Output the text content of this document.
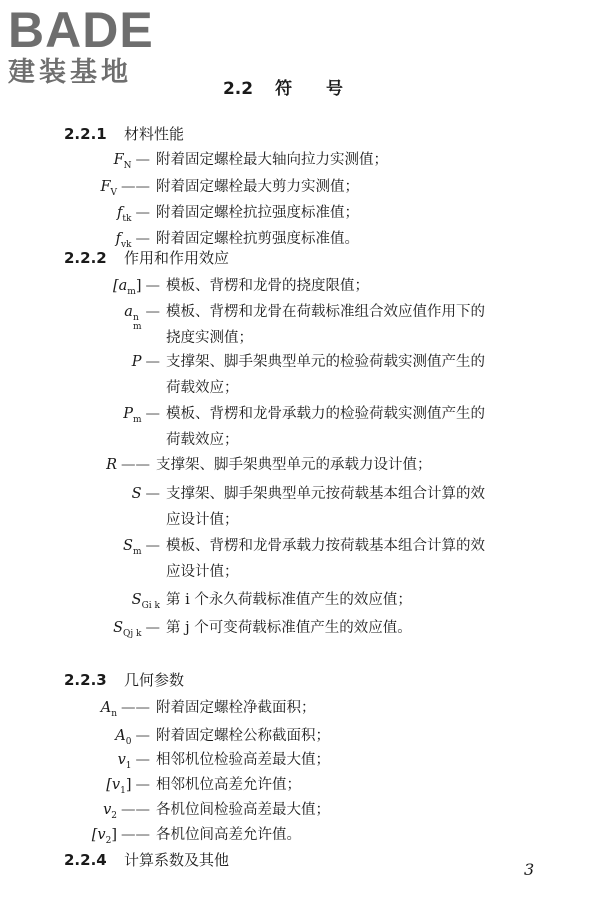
BADE
建装基地
2.2 符号
2.2.1 材料性能
2.2.2 作用和作用效应
2.2.3 几何参数
2.2.4 计算系数及其他
F N — 附着固定螺栓最大轴向拉力实测值；
F V —— 附着固定螺栓最大剪力实测值；
f tk — 附着固定螺栓抗拉强度标准值；
f vk — 附着固定螺栓抗剪强度标准值。
[a m ] — 模板、背楞和龙骨的挠度限值；
a n
m
— 模板、背楞和龙骨在荷载标准组合效应值作用下的
挠度实测值；
P — 支撑架、脚手架典型单元的检验荷载实测值产生的
荷载效应；
P m — 模板、背楞和龙骨承载力的检验荷载实测值产生的
荷载效应；
R —— 支撑架、脚手架典型单元的承载力设计值；
S — 支撑架、脚手架典型单元按荷载基本组合计算的效
应设计值；
S m — 模板、背楞和龙骨承载力按荷载基本组合计算的效
应设计值；
S Gi k 第 i 个永久荷载标准值产生的效应值；
S Qj k — 第 j 个可变荷载标准值产生的效应值。
A n —— 附着固定螺栓净截面积；
A 0 — 附着固定螺栓公称截面积；
v 1 — 相邻机位检验高差最大值；
[v 1 ] — 相邻机位高差允许值；
v 2 —— 各机位间检验高差最大值；
[v 2 ] —— 各机位间高差允许值。
3
